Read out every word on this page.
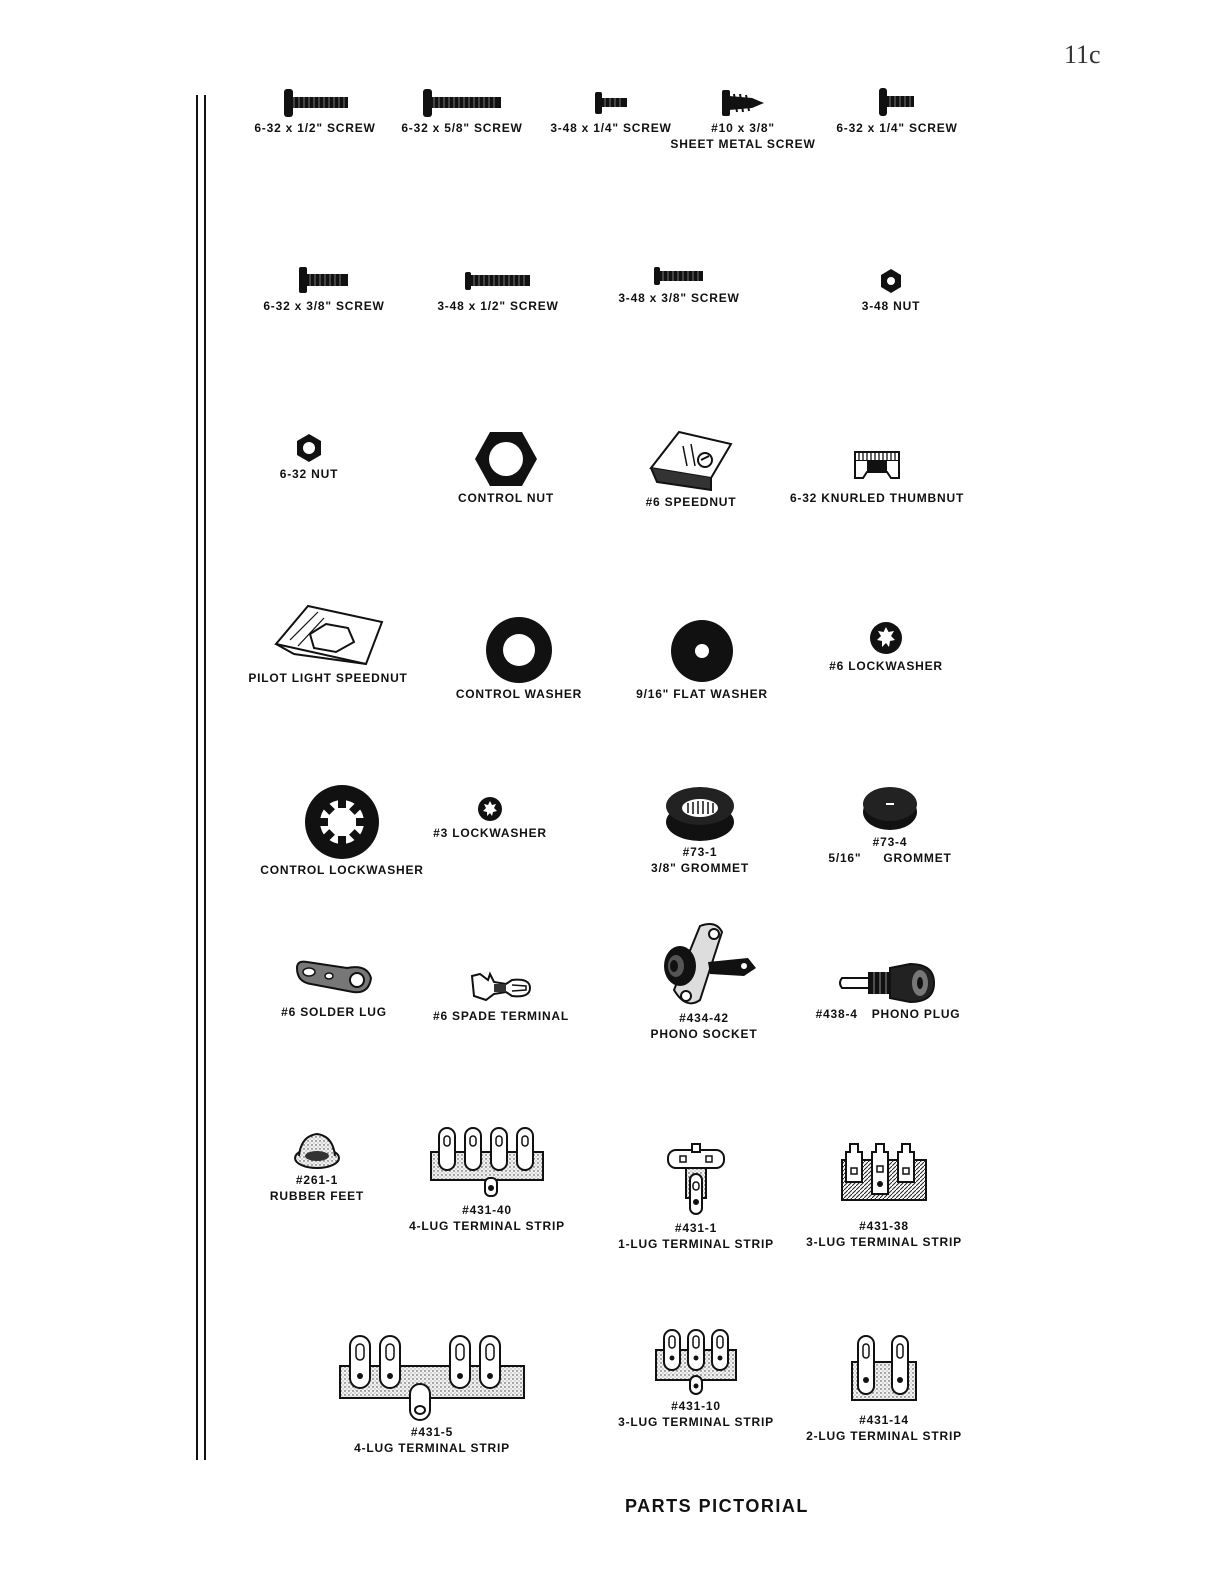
11c
6-32 x 1/2" SCREW 6-32 x 5/8" SCREW 3-48 x 1/4" SCREW	#10 x 3/8"
SHEET METAL SCREW
6-32 x 1/4" SCREW
6-32 x 3/8" SCREW	3-48 x 1/2" SCREW
3-48 x 3/8" SCREW
3-48 NUT
6-32 NUT
CONTROL NUT	#6 SPEEDNUT	6-32 KNURLED THUMBNUT
PILOT LIGHT SPEEDNUT
CONTROL WASHER	9/16" FLAT WASHER
#6 LOCKWASHER
CONTROL LOCKWASHER
#3 LOCKWASHER
#73-1
3/8" GROMMET
#73-4
5/16" GROMMET
#6 SOLDER LUG	#6 SPADE TERMINAL	#434-42
PHONO SOCKET
#438-4 PHONO PLUG
#261-1
RUBBER FEET
#431-40
4-LUG TERMINAL STRIP	#431-1
1-LUG TERMINAL STRIP
#431-38
3-LUG TERMINAL STRIP
#431-5
4-LUG TERMINAL STRIP
#431-10
3-LUG TERMINAL STRIP	#431-14
2-LUG TERMINAL STRIP
PARTS PICTORIAL
